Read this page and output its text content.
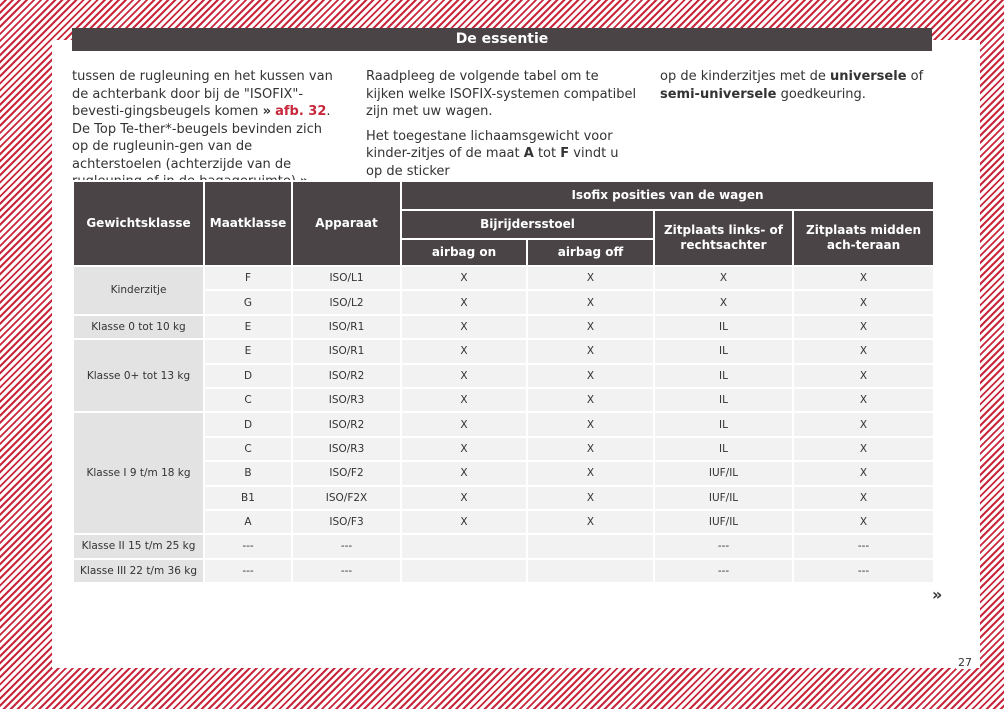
De essentie

tussen de rugleuning en het kussen van de achterbank door bij de "ISOFIX"-bevesti-gingsbeugels komen » afb. 32. De Top Te-ther*-beugels bevinden zich op de rugleunin-gen van de achterstoelen (achterzijde van de

Raadpleeg de volgende tabel om te kijken welke ISOFIX-systemen compatibel zijn met uw wagen.

Het toegestane lichaamsgewicht voor kinder-zitjes of de maat A tot F vindt u op de sticker

op de kinderzitjes met de universele of semi-universele goedkeuring.

Gewichtsklasse	Maatklasse	Apparaat	Isofix posities van de wagen			
			Bijrijdersstoel		Zitplaats links- of rechtsachter	Zitplaats midden ach-teraan
			airbag on	airbag off		
Kinderzitje	F	ISO/L1	X	X	X	X
	G	ISO/L2	X	X	X	X
Klasse 0 tot 10 kg	E	ISO/R1	X	X	IL	X
Klasse 0+ tot 13 kg	E	ISO/R1	X	X	IL	X
	D	ISO/R2	X	X	IL	X
	C	ISO/R3	X	X	IL	X
Klasse I 9 t/m 18 kg	D	ISO/R2	X	X	IL	X
	C	ISO/R3	X	X	IL	X
	B	ISO/F2	X	X	IUF/IL	X
	B1	ISO/F2X	X	X	IUF/IL	X
	A	ISO/F3	X	X	IUF/IL	X
Klasse II 15 t/m 25 kg	---	---			---	---
Klasse III 22 t/m 36 kg	---	---			---	---
»
27
